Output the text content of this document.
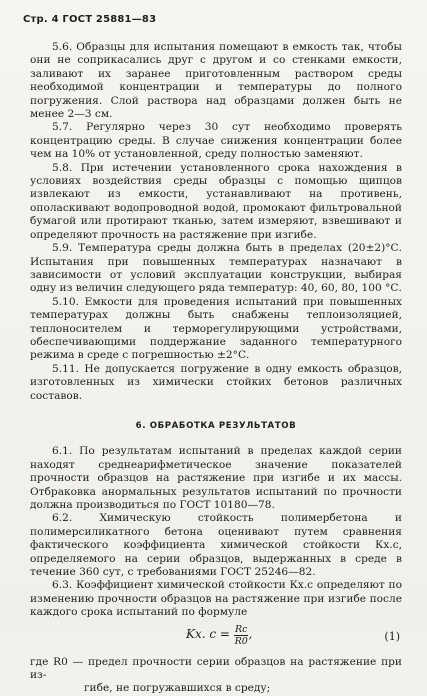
Стр. 4 ГОСТ 25881—83

5.6. Образцы для испытания помещают в емкость так, чтобы они не соприкасались друг с другом и со стенками емкости, заливают их заранее приготовленным раствором среды необходимой концентрации и температуры до полного погружения. Слой раствора над образцами должен быть не менее 2—3 см.

5.7. Регулярно через 30 сут необходимо проверять концентрацию среды. В случае снижения концентрации более чем на 10% от установленной, среду полностью заменяют.

5.8. При истечении установленного срока нахождения в условиях воздействия среды образцы с помощью щипцов извлекают из емкости, устанавливают на противень, ополаскивают водопроводной водой, промокают фильтровальной бумагой или протирают тканью, затем измеряют, взвешивают и определяют прочность на растяжение при изгибе.

5.9. Температура среды должна быть в пределах (20±2)°С. Испытания при повышенных температурах назначают в зависимости от условий эксплуатации конструкции, выбирая одну из величин следующего ряда температур: 40, 60, 80, 100 °С.

5.10. Емкости для проведения испытаний при повышенных температурах должны быть снабжены теплоизоляцией, теплоносителем и терморегулирующими устройствами, обеспечивающими поддержание заданного температурного режима в среде с погрешностью ±2°С.

5.11. Не допускается погружение в одну емкость образцов, изготовленных из химически стойких бетонов различных составов.

6. ОБРАБОТКА РЕЗУЛЬТАТОВ

6.1. По результатам испытаний в пределах каждой серии находят среднеарифметическое значение показателей прочности образцов на растяжение при изгибе и их массы. Отбраковка анормальных результатов испытаний по прочности должна производиться по ГОСТ 10180—78.

6.2. Химическую стойкость полимербетона и полимерсиликатного бетона оценивают путем сравнения фактического коэффициента химической стойкости Кх.с, определяемого на серии образцов, выдержанных в среде в течение 360 сут, с требованиями ГОСТ 25246—82.

6.3. Коэффициент химической стойкости Кх.с определяют по изменению прочности образцов на растяжение при изгибе после каждого срока испытаний по формуле

Kх. $с = \frac{Rс}{R0}$ ,	(1)

где R0 — предел прочности серии образцов на растяжение при из-

гибе, не погружавшихся в среду;
